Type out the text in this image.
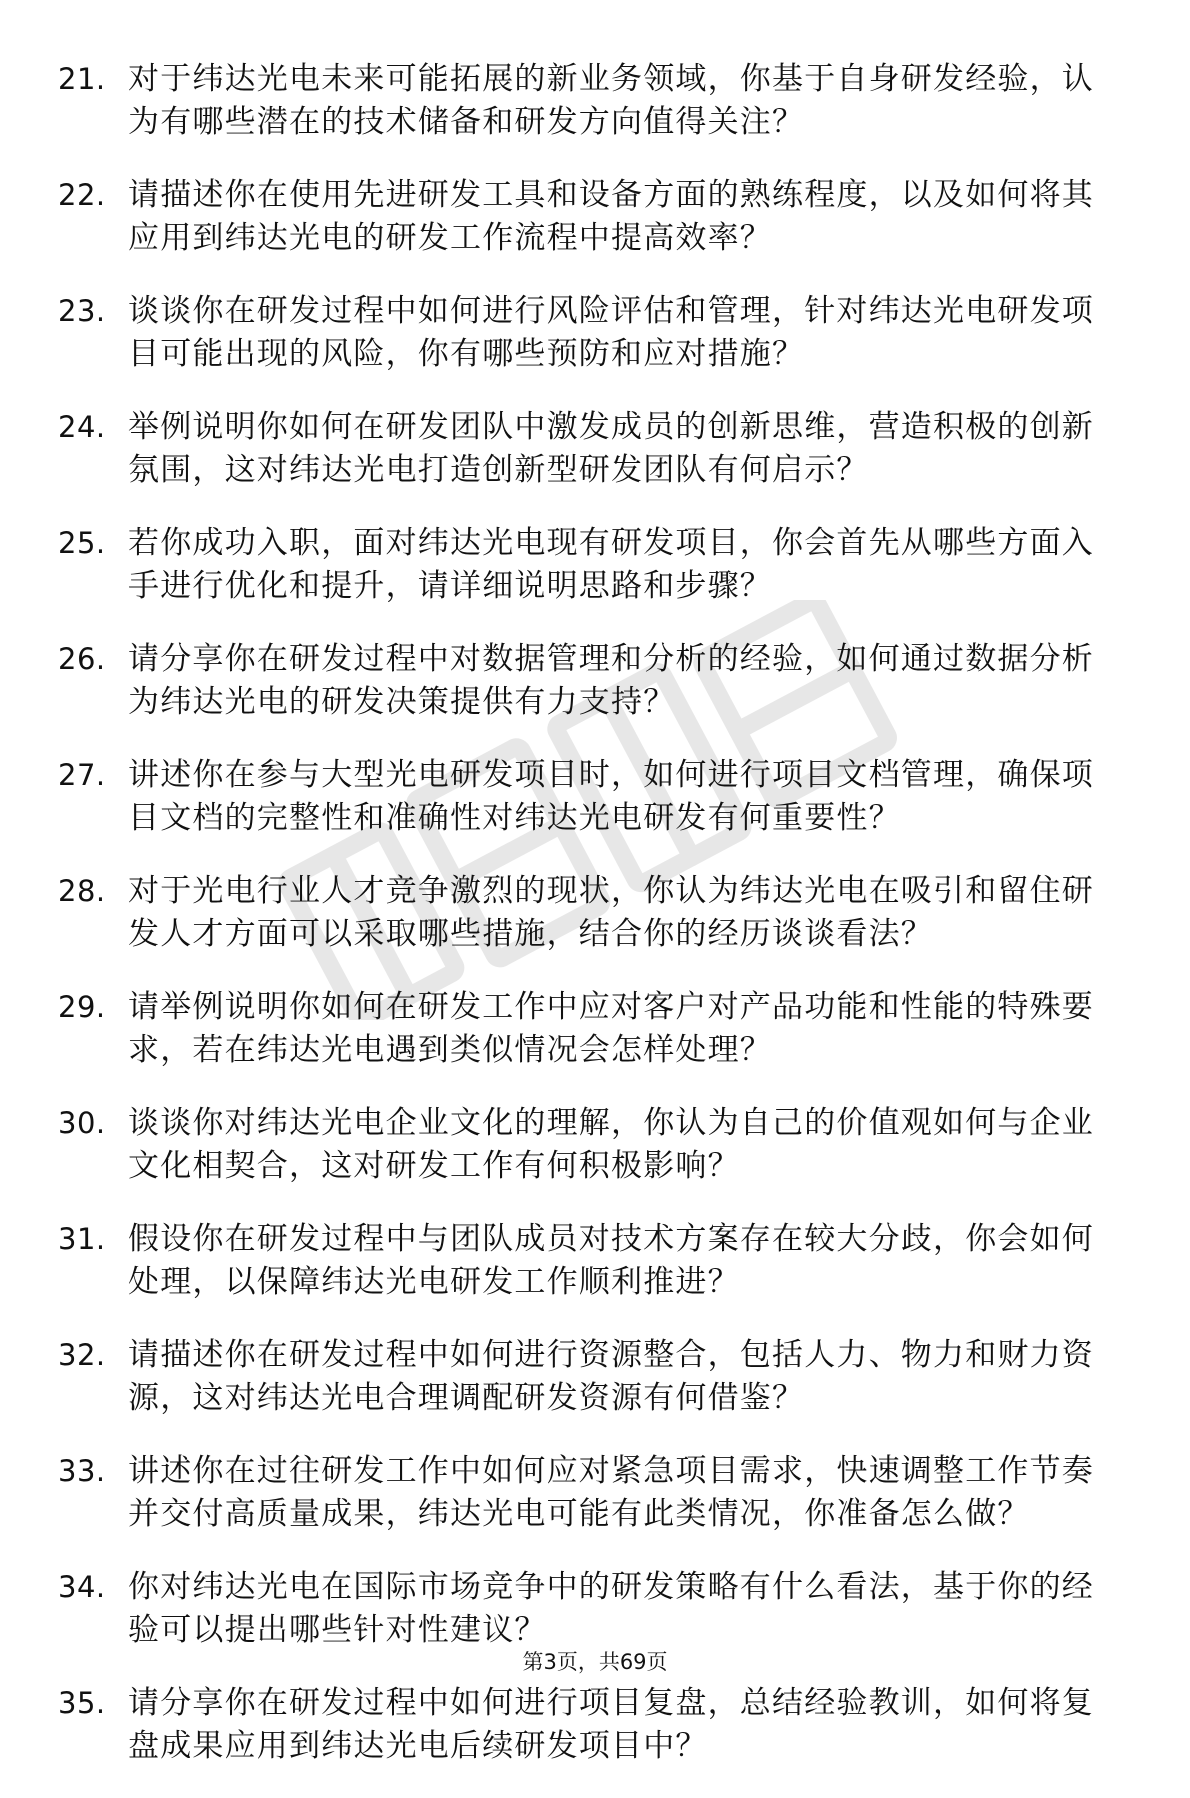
21. 对于纬达光电未来可能拓展的新业务领域，你基于自身研发经验，认为有哪些潜在的技术储备和研发方向值得关注？
22. 请描述你在使用先进研发工具和设备方面的熟练程度，以及如何将其应用到纬达光电的研发工作流程中提高效率？
23. 谈谈你在研发过程中如何进行风险评估和管理，针对纬达光电研发项目可能出现的风险，你有哪些预防和应对措施？
24. 举例说明你如何在研发团队中激发成员的创新思维，营造积极的创新氛围，这对纬达光电打造创新型研发团队有何启示？
25. 若你成功入职，面对纬达光电现有研发项目，你会首先从哪些方面入手进行优化和提升，请详细说明思路和步骤？
26. 请分享你在研发过程中对数据管理和分析的经验，如何通过数据分析为纬达光电的研发决策提供有力支持？
27. 讲述你在参与大型光电研发项目时，如何进行项目文档管理，确保项目文档的完整性和准确性对纬达光电研发有何重要性？
28. 对于光电行业人才竞争激烈的现状，你认为纬达光电在吸引和留住研发人才方面可以采取哪些措施，结合你的经历谈谈看法？
29. 请举例说明你如何在研发工作中应对客户对产品功能和性能的特殊要求，若在纬达光电遇到类似情况会怎样处理？
30. 谈谈你对纬达光电企业文化的理解，你认为自己的价值观如何与企业文化相契合，这对研发工作有何积极影响？
31. 假设你在研发过程中与团队成员对技术方案存在较大分歧，你会如何处理，以保障纬达光电研发工作顺利推进？
32. 请描述你在研发过程中如何进行资源整合，包括人力、物力和财力资源，这对纬达光电合理调配研发资源有何借鉴？
33. 讲述你在过往研发工作中如何应对紧急项目需求，快速调整工作节奏并交付高质量成果，纬达光电可能有此类情况，你准备怎么做？
34. 你对纬达光电在国际市场竞争中的研发策略有什么看法，基于你的经验可以提出哪些针对性建议？
35. 请分享你在研发过程中如何进行项目复盘，总结经验教训，如何将复盘成果应用到纬达光电后续研发项目中？
第3页，共69页
